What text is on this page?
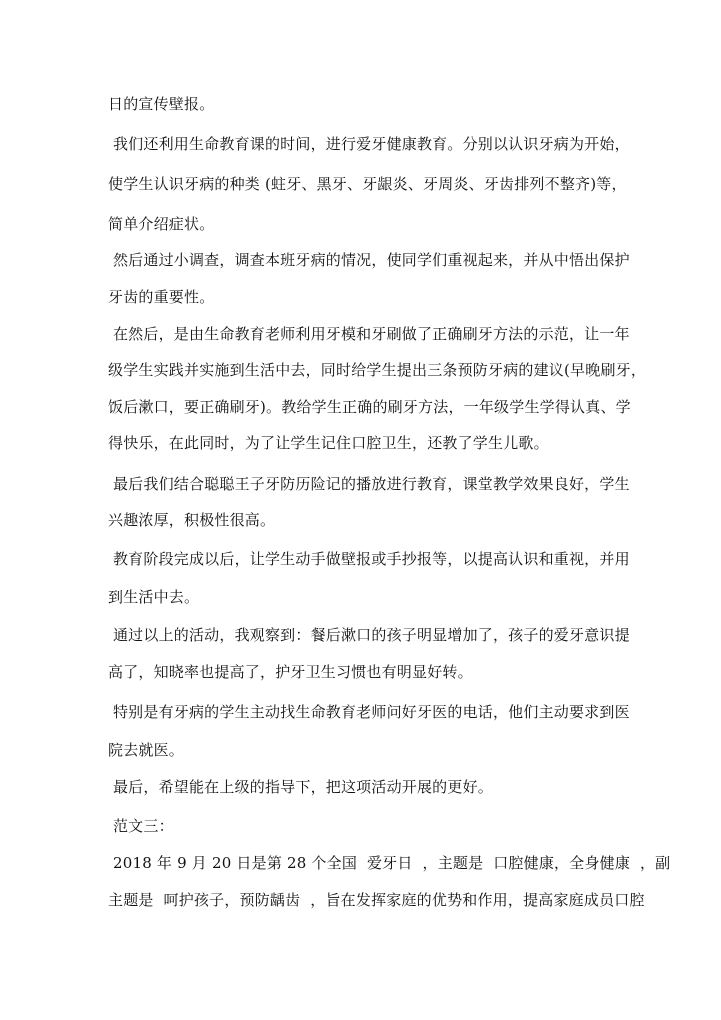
日的宣传壁报。
我们还利用生命教育课的时间，进行爱牙健康教育。分别以认识牙病为开始，
使学生认识牙病的种类 (蛀牙、黑牙、牙龈炎、牙周炎、牙齿排列不整齐)等，
简单介绍症状。
然后通过小调查，调查本班牙病的情况，使同学们重视起来，并从中悟出保护
牙齿的重要性。
在然后，是由生命教育老师利用牙模和牙刷做了正确刷牙方法的示范，让一年
级学生实践并实施到生活中去，同时给学生提出三条预防牙病的建议(早晚刷牙，
饭后漱口，要正确刷牙)。教给学生正确的刷牙方法，一年级学生学得认真、学
得快乐，在此同时，为了让学生记住口腔卫生，还教了学生儿歌。
最后我们结合聪聪王子牙防历险记的播放进行教育，课堂教学效果良好，学生
兴趣浓厚，积极性很高。
教育阶段完成以后，让学生动手做壁报或手抄报等，以提高认识和重视，并用
到生活中去。
通过以上的活动，我观察到：餐后漱口的孩子明显增加了，孩子的爱牙意识提
高了，知晓率也提高了，护牙卫生习惯也有明显好转。
特别是有牙病的学生主动找生命教育老师问好牙医的电话，他们主动要求到医
院去就医。
最后，希望能在上级的指导下，把这项活动开展的更好。
范文三：
2018 年 9 月 20 日是第 28 个全国  爱牙日  ，主题是  口腔健康，全身健康  ，副
主题是  呵护孩子，预防龋齿  ，旨在发挥家庭的优势和作用，提高家庭成员口腔
